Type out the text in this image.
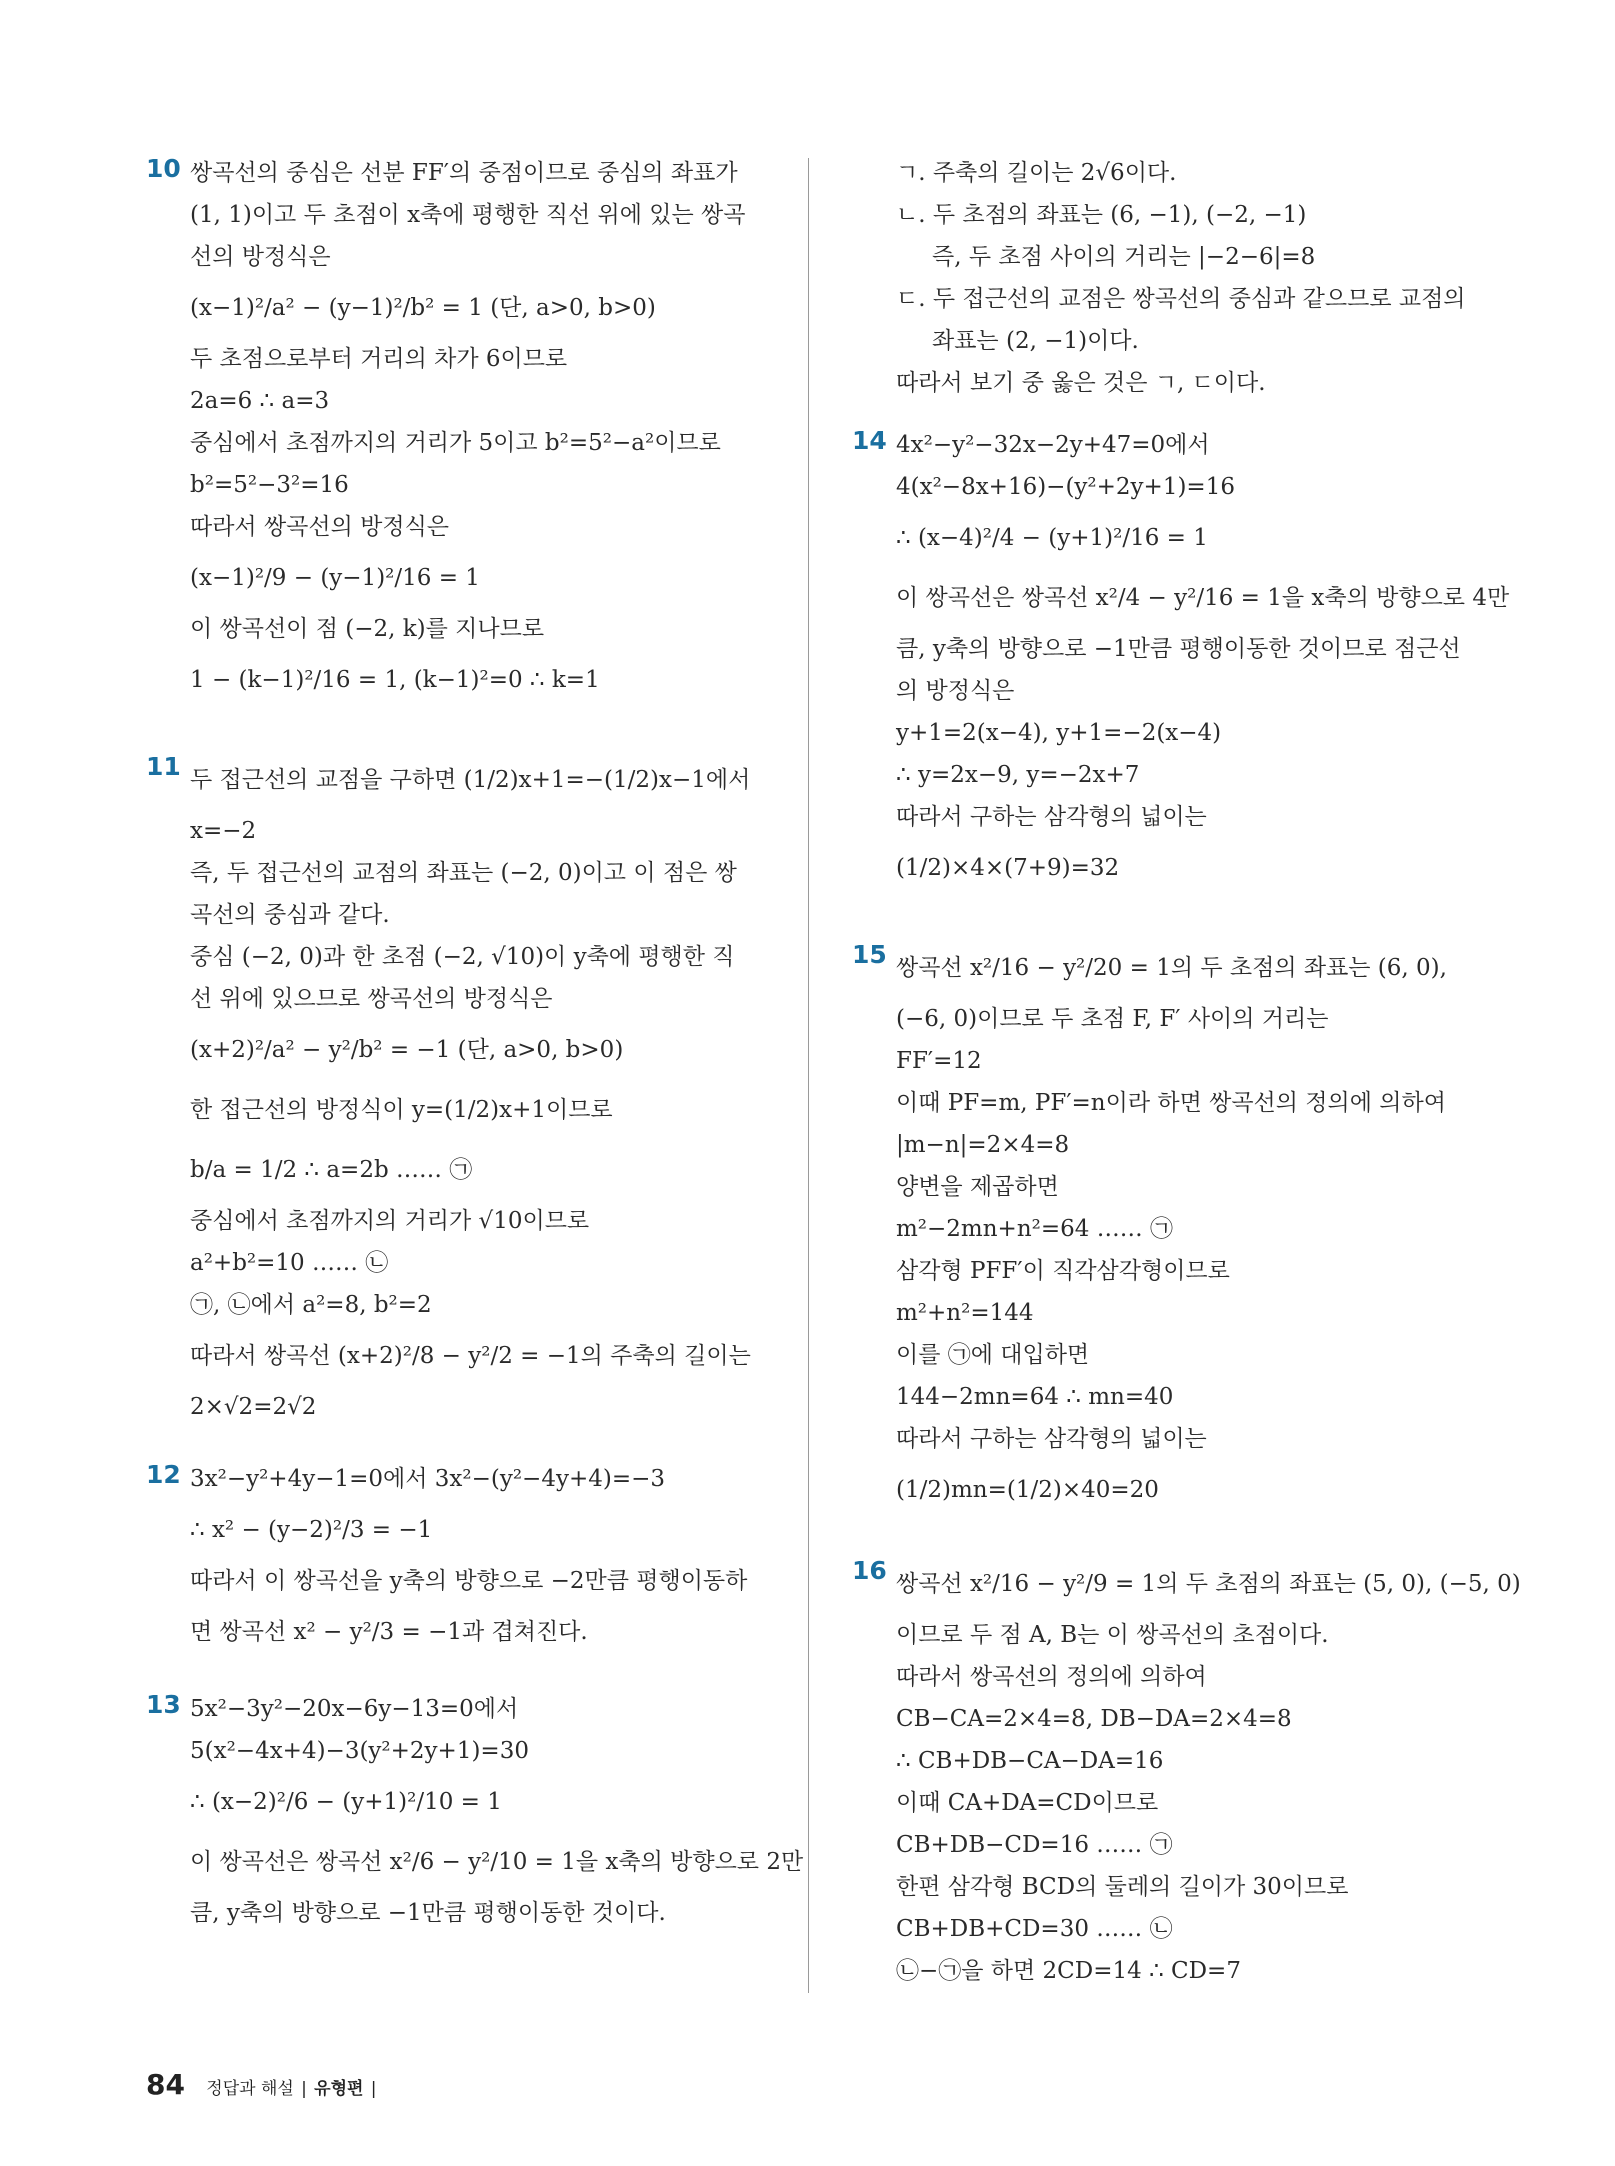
10 쌍곡선의 중심은 선분 FF′의 중점이므로 중심의 좌표가
(1, 1)이고 두 초점이 x축에 평행한 직선 위에 있는 쌍곡
선의 방정식은
(x−1)²/a² − (y−1)²/b² = 1 (단, a>0, b>0)
두 초점으로부터 거리의 차가 6이므로
2a=6 ∴ a=3
중심에서 초점까지의 거리가 5이고 b²=5²−a²이므로
b²=5²−3²=16
따라서 쌍곡선의 방정식은
(x−1)²/9 − (y−1)²/16 = 1
이 쌍곡선이 점 (−2, k)를 지나므로
1 − (k−1)²/16 = 1, (k−1)²=0 ∴ k=1
11 두 접근선의 교점을 구하면 (1/2)x+1=−(1/2)x−1에서
x=−2
즉, 두 접근선의 교점의 좌표는 (−2, 0)이고 이 점은 쌍
곡선의 중심과 같다.
중심 (−2, 0)과 한 초점 (−2, √10)이 y축에 평행한 직
선 위에 있으므로 쌍곡선의 방정식은
(x+2)²/a² − y²/b² = −1 (단, a>0, b>0)
한 접근선의 방정식이 y=(1/2)x+1이므로
b/a = 1/2 ∴ a=2b …… ㉠
중심에서 초점까지의 거리가 √10이므로
a²+b²=10 …… ㉡
㉠, ㉡에서 a²=8, b²=2
따라서 쌍곡선 (x+2)²/8 − y²/2 = −1의 주축의 길이는
2×√2=2√2
12 3x²−y²+4y−1=0에서 3x²−(y²−4y+4)=−3
∴ x² − (y−2)²/3 = −1
따라서 이 쌍곡선을 y축의 방향으로 −2만큼 평행이동하
면 쌍곡선 x² − y²/3 = −1과 겹쳐진다.
13 5x²−3y²−20x−6y−13=0에서
5(x²−4x+4)−3(y²+2y+1)=30
∴ (x−2)²/6 − (y+1)²/10 = 1
이 쌍곡선은 쌍곡선 x²/6 − y²/10 = 1을 x축의 방향으로 2만
큼, y축의 방향으로 −1만큼 평행이동한 것이다.
ㄱ. 주축의 길이는 2√6이다.
ㄴ. 두 초점의 좌표는 (6, −1), (−2, −1)
즉, 두 초점 사이의 거리는 |−2−6|=8
ㄷ. 두 접근선의 교점은 쌍곡선의 중심과 같으므로 교점의
좌표는 (2, −1)이다.
따라서 보기 중 옳은 것은 ㄱ, ㄷ이다.
14 4x²−y²−32x−2y+47=0에서
4(x²−8x+16)−(y²+2y+1)=16
∴ (x−4)²/4 − (y+1)²/16 = 1
이 쌍곡선은 쌍곡선 x²/4 − y²/16 = 1을 x축의 방향으로 4만
큼, y축의 방향으로 −1만큼 평행이동한 것이므로 점근선
의 방정식은
y+1=2(x−4), y+1=−2(x−4)
∴ y=2x−9, y=−2x+7
따라서 구하는 삼각형의 넓이는
(1/2)×4×(7+9)=32
15 쌍곡선 x²/16 − y²/20 = 1의 두 초점의 좌표는 (6, 0),
(−6, 0)이므로 두 초점 F, F′ 사이의 거리는
FF′=12
이때 PF=m, PF′=n이라 하면 쌍곡선의 정의에 의하여
|m−n|=2×4=8
양변을 제곱하면
m²−2mn+n²=64 …… ㉠
삼각형 PFF′이 직각삼각형이므로
m²+n²=144
이를 ㉠에 대입하면
144−2mn=64 ∴ mn=40
따라서 구하는 삼각형의 넓이는
(1/2)mn=(1/2)×40=20
16 쌍곡선 x²/16 − y²/9 = 1의 두 초점의 좌표는 (5, 0), (−5, 0)
이므로 두 점 A, B는 이 쌍곡선의 초점이다.
따라서 쌍곡선의 정의에 의하여
CB−CA=2×4=8, DB−DA=2×4=8
∴ CB+DB−CA−DA=16
이때 CA+DA=CD이므로
CB+DB−CD=16 …… ㉠
한편 삼각형 BCD의 둘레의 길이가 30이므로
CB+DB+CD=30 …… ㉡
㉡−㉠을 하면 2CD=14 ∴ CD=7
84 정답과 해설 | 유형편 |
